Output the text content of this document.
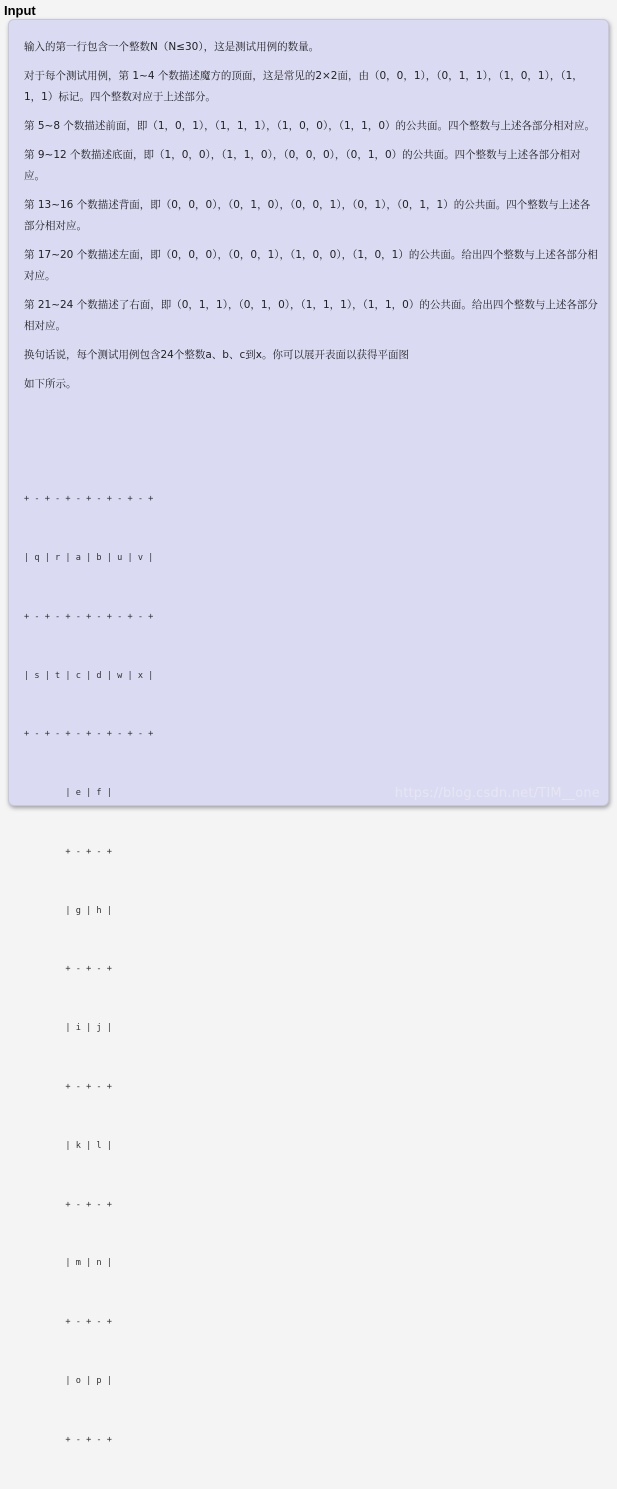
Input

输入的第一行包含一个整数N（N≤30），这是测试用例的数量。

对于每个测试用例，第 1~4 个数描述魔方的顶面，这是常见的2×2面，由（0，0，1），（0，1，1），（1，0，1），（1，1，1）标记。四个整数对应于上述部分。

第 5~8 个数描述前面，即（1，0，1），（1，1，1），（1，0，0），（1，1，0）的公共面。四个整数与上述各部分相对应。

第 9~12 个数描述底面，即（1，0，0），（1，1，0），（0，0，0），（0，1，0）的公共面。四个整数与上述各部分相对应。

第 13~16 个数描述背面，即（0，0，0），（0，1，0），（0，0，1），（0，1），（0，1，1）的公共面。四个整数与上述各部分相对应。

第 17~20 个数描述左面，即（0，0，0），（0，0，1），（1，0，0），（1，0，1）的公共面。给出四个整数与上述各部分相对应。

第 21~24 个数描述了右面，即（0，1，1），（0，1，0），（1，1，1），（1，1，0）的公共面。给出四个整数与上述各部分相对应。

换句话说，每个测试用例包含24个整数a、b、c到x。你可以展开表面以获得平面图

如下所示。

+ - + - + - + - + - + - +

| q | r | a | b | u | v |

+ - + - + - + - + - + - +

| s | t | c | d | w | x |

+ - + - + - + - + - + - +

| e | f |

+ - + - +

| g | h |

+ - + - +

| i | j |

+ - + - +

| k | l |

+ - + - +

| m | n |

+ - + - +

| o | p |

+ - + - +

https://blog.csdn.net/TIM__one
